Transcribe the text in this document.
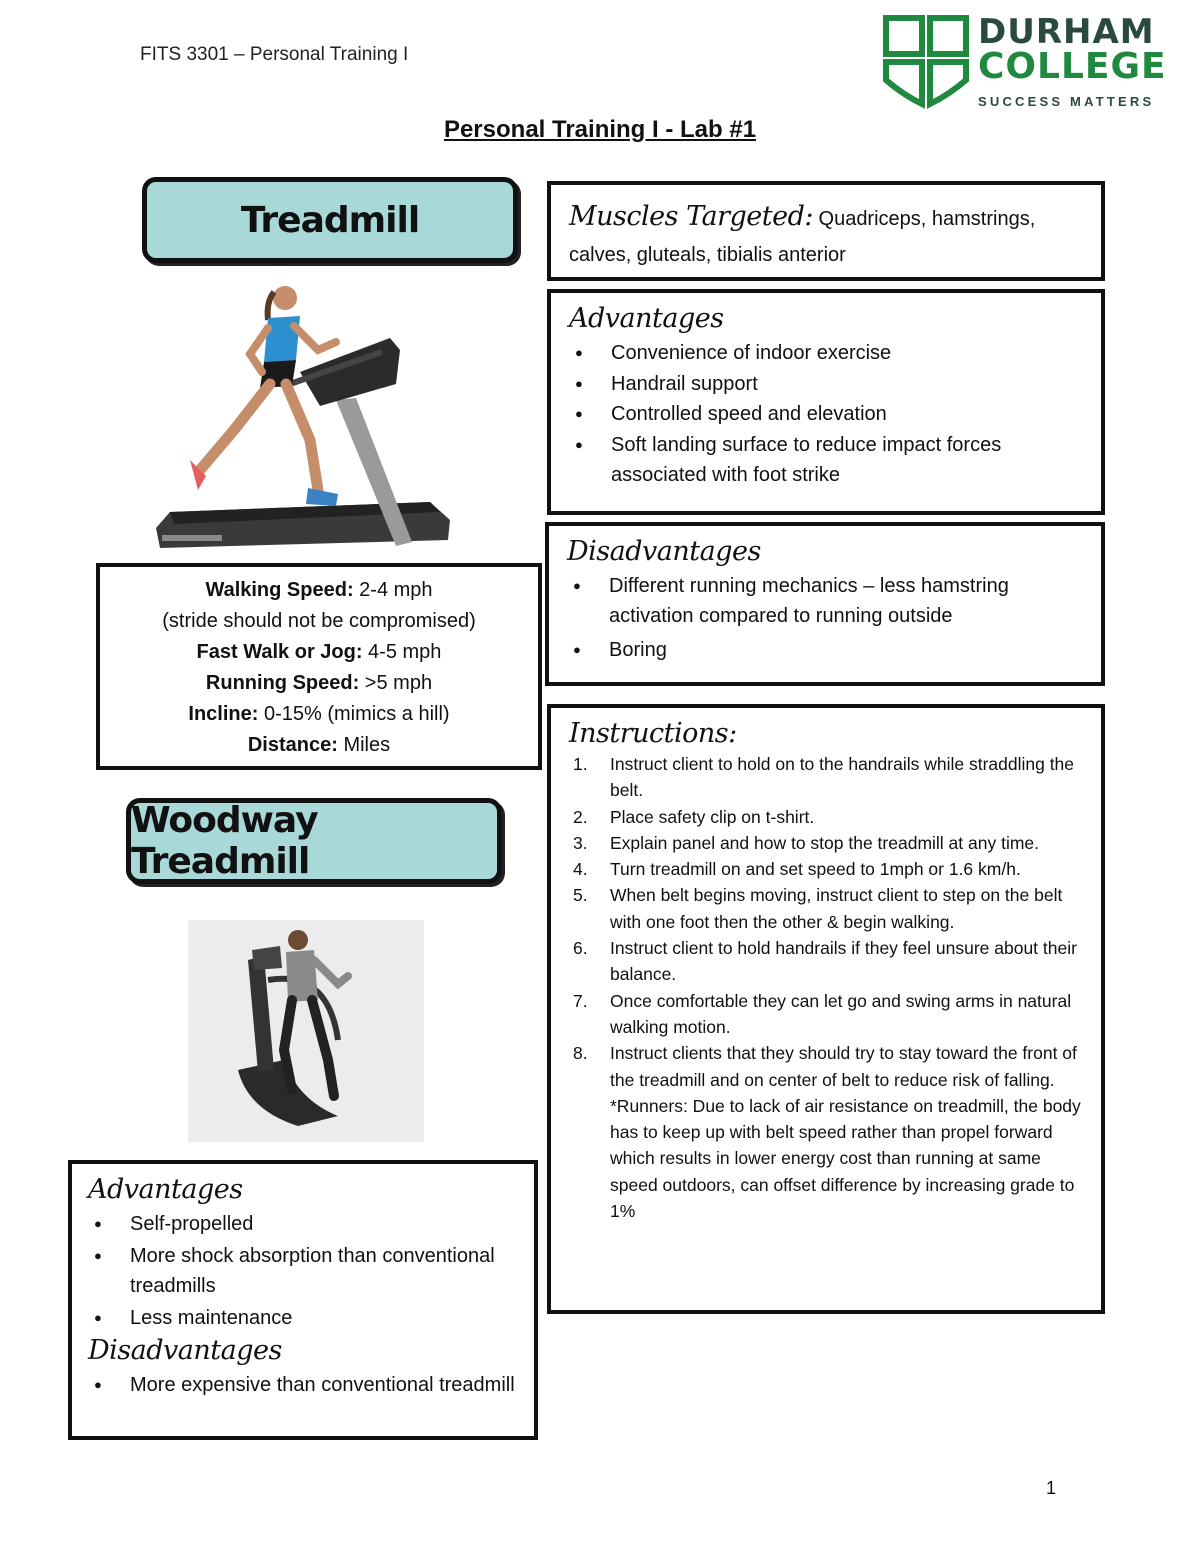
FITS 3301 – Personal Training I
DURHAM
COLLEGE
SUCCESS MATTERS
Personal Training I - Lab #1
Treadmill
Walking Speed: 2-4 mph
(stride should not be compromised)
Fast Walk or Jog: 4-5 mph
Running Speed: >5 mph
Incline: 0-15% (mimics a hill)
Distance: Miles
Muscles Targeted: Quadriceps, hamstrings, calves, gluteals, tibialis anterior
Advantages
● Convenience of indoor exercise
● Handrail support
● Controlled speed and elevation
● Soft landing surface to reduce impact forces associated with foot strike
Disadvantages
● Different running mechanics – less hamstring activation compared to running outside
● Boring
Instructions:
1. Instruct client to hold on to the handrails while straddling the belt.
2. Place safety clip on t-shirt.
3. Explain panel and how to stop the treadmill at any time.
4. Turn treadmill on and set speed to 1mph or 1.6 km/h.
5. When belt begins moving, instruct client to step on the belt with one foot then the other & begin walking.
6. Instruct client to hold handrails if they feel unsure about their balance.
7. Once comfortable they can let go and swing arms in natural walking motion.
8. Instruct clients that they should try to stay toward the front of the treadmill and on center of belt to reduce risk of falling.
*Runners: Due to lack of air resistance on treadmill, the body has to keep up with belt speed rather than propel forward which results in lower energy cost than running at same speed outdoors, can offset difference by increasing grade to 1%
Woodway Treadmill
Advantages
● Self-propelled
● More shock absorption than conventional treadmills
● Less maintenance
Disadvantages
● More expensive than conventional treadmill
1
